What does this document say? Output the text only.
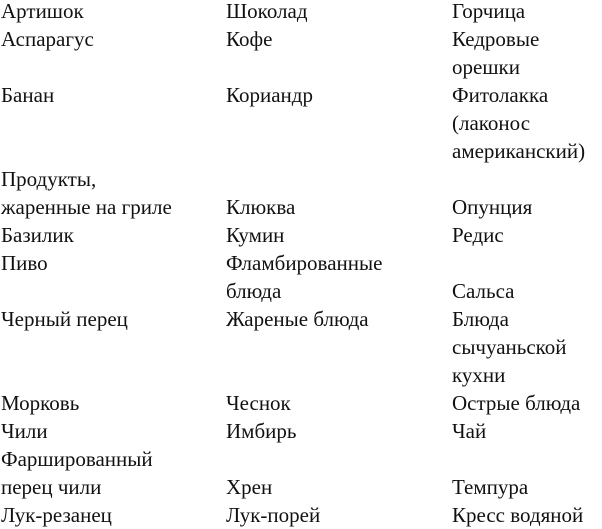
Артишок
Аспарагус
Банан
Продукты,
жаренные на гриле
Базилик
Пиво
Черный перец
Морковь
Чили
Фаршированный
перец чили
Лук-резанец
Шоколад
Кофе
Кориандр
Клюква
Кумин
Фламбированные
блюда
Жареные блюда
Чеснок
Имбирь
Хрен
Лук-порей
Горчица
Кедровые
орешки
Фитолакка
(лаконос
американский)
Опунция
Редис
Сальса
Блюда
сычуаньской
кухни
Острые блюда
Чай
Темпура
Кресс водяной
